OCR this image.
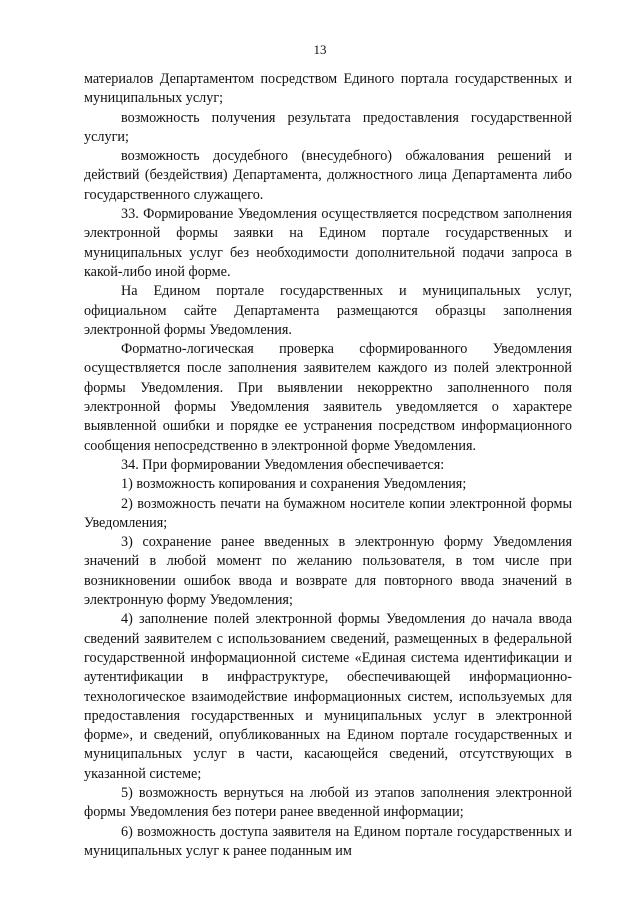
13

материалов Департаментом посредством Единого портала государственных и муниципальных услуг;

возможность получения результата предоставления государственной услуги;

возможность досудебного (внесудебного) обжалования решений и действий (бездействия) Департамента, должностного лица Департамента либо государственного служащего.

33. Формирование Уведомления осуществляется посредством заполнения электронной формы заявки на Едином портале государственных и муниципальных услуг без необходимости дополнительной подачи запроса в какой-либо иной форме.

На Едином портале государственных и муниципальных услуг, официальном сайте Департамента размещаются образцы заполнения электронной формы Уведомления.

Форматно-логическая проверка сформированного Уведомления осуществляется после заполнения заявителем каждого из полей электронной формы Уведомления. При выявлении некорректно заполненного поля электронной формы Уведомления заявитель уведомляется о характере выявленной ошибки и порядке ее устранения посредством информационного сообщения непосредственно в электронной форме Уведомления.

34. При формировании Уведомления обеспечивается:

1) возможность копирования и сохранения Уведомления;

2) возможность печати на бумажном носителе копии электронной формы Уведомления;

3) сохранение ранее введенных в электронную форму Уведомления значений в любой момент по желанию пользователя, в том числе при возникновении ошибок ввода и возврате для повторного ввода значений в электронную форму Уведомления;

4) заполнение полей электронной формы Уведомления до начала ввода сведений заявителем с использованием сведений, размещенных в федеральной государственной информационной системе «Единая система идентификации и аутентификации в инфраструктуре, обеспечивающей информационно-технологическое взаимодействие информационных систем, используемых для предоставления государственных и муниципальных услуг в электронной форме», и сведений, опубликованных на Едином портале государственных и муниципальных услуг в части, касающейся сведений, отсутствующих в указанной системе;

5) возможность вернуться на любой из этапов заполнения электронной формы Уведомления без потери ранее введенной информации;

6) возможность доступа заявителя на Едином портале государственных и муниципальных услуг к ранее поданным им
